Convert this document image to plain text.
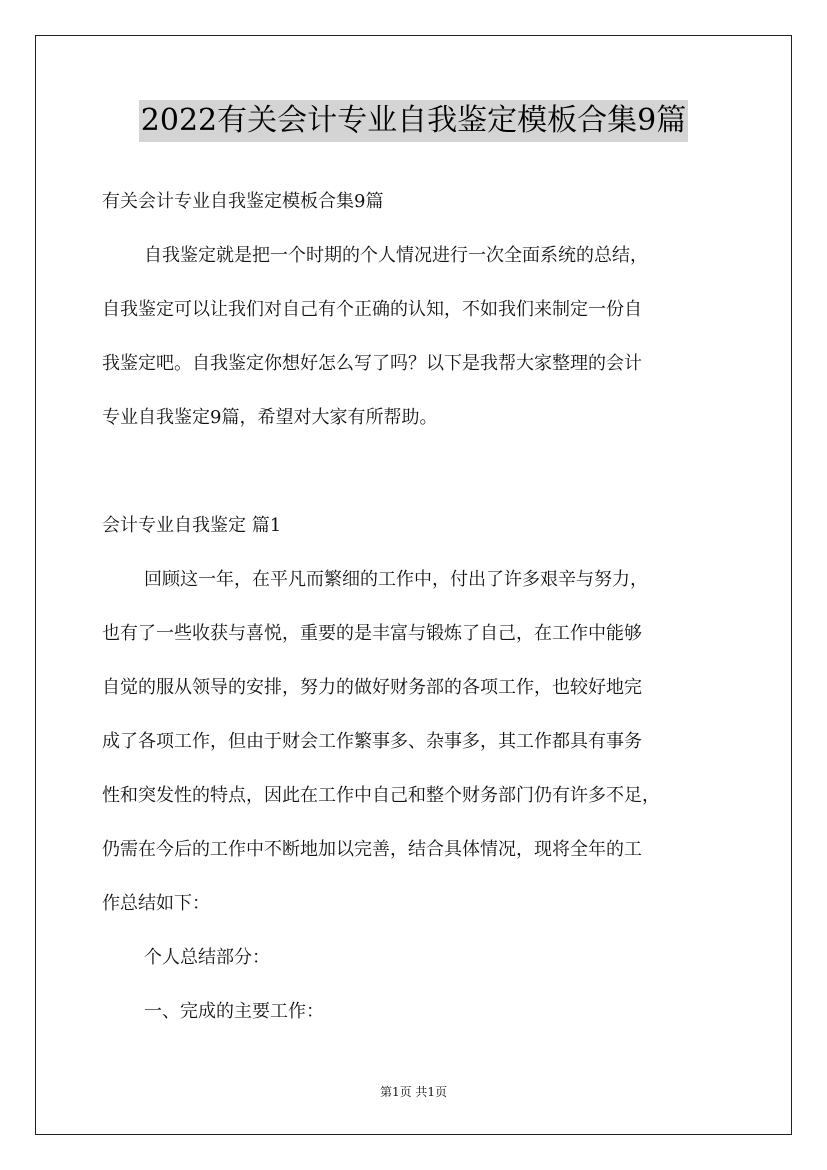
2022有关会计专业自我鉴定模板合集9篇

有关会计专业自我鉴定模板合集9篇

自我鉴定就是把一个时期的个人情况进行一次全面系统的总结，

自我鉴定可以让我们对自己有个正确的认知，不如我们来制定一份自

我鉴定吧。自我鉴定你想好怎么写了吗？以下是我帮大家整理的会计

专业自我鉴定9篇，希望对大家有所帮助。

会计专业自我鉴定 篇1

回顾这一年，在平凡而繁细的工作中，付出了许多艰辛与努力，

也有了一些收获与喜悦，重要的是丰富与锻炼了自己，在工作中能够

自觉的服从领导的安排，努力的做好财务部的各项工作，也较好地完

成了各项工作，但由于财会工作繁事多、杂事多，其工作都具有事务

性和突发性的特点，因此在工作中自己和整个财务部门仍有许多不足，

仍需在今后的工作中不断地加以完善，结合具体情况，现将全年的工

作总结如下：

个人总结部分：

一、完成的主要工作：

第1页 共1页
